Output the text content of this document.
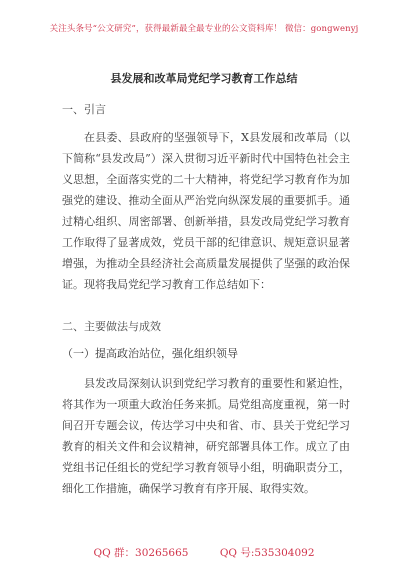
关注头条号“公文研究”，获得最新最全最专业的公文资料库！ 微信：gongwenyj
县发展和改革局党纪学习教育工作总结
一、引言

在县委、县政府的坚强领导下，X县发展和改革局（以下简称“县发改局”）深入贯彻习近平新时代中国特色社会主义思想，全面落实党的二十大精神，将党纪学习教育作为加强党的建设、推动全面从严治党向纵深发展的重要抓手。通过精心组织、周密部署、创新举措，县发改局党纪学习教育工作取得了显著成效，党员干部的纪律意识、规矩意识显著增强，为推动全县经济社会高质量发展提供了坚强的政治保证。现将我局党纪学习教育工作总结如下：

二、主要做法与成效
（一）提高政治站位，强化组织领导

县发改局深刻认识到党纪学习教育的重要性和紧迫性，将其作为一项重大政治任务来抓。局党组高度重视，第一时间召开专题会议，传达学习中央和省、市、县关于党纪学习教育的相关文件和会议精神，研究部署具体工作。成立了由党组书记任组长的党纪学习教育领导小组，明确职责分工，细化工作措施，确保学习教育有序开展、取得实效。

QQ 群：30265665	QQ 号:535304092
